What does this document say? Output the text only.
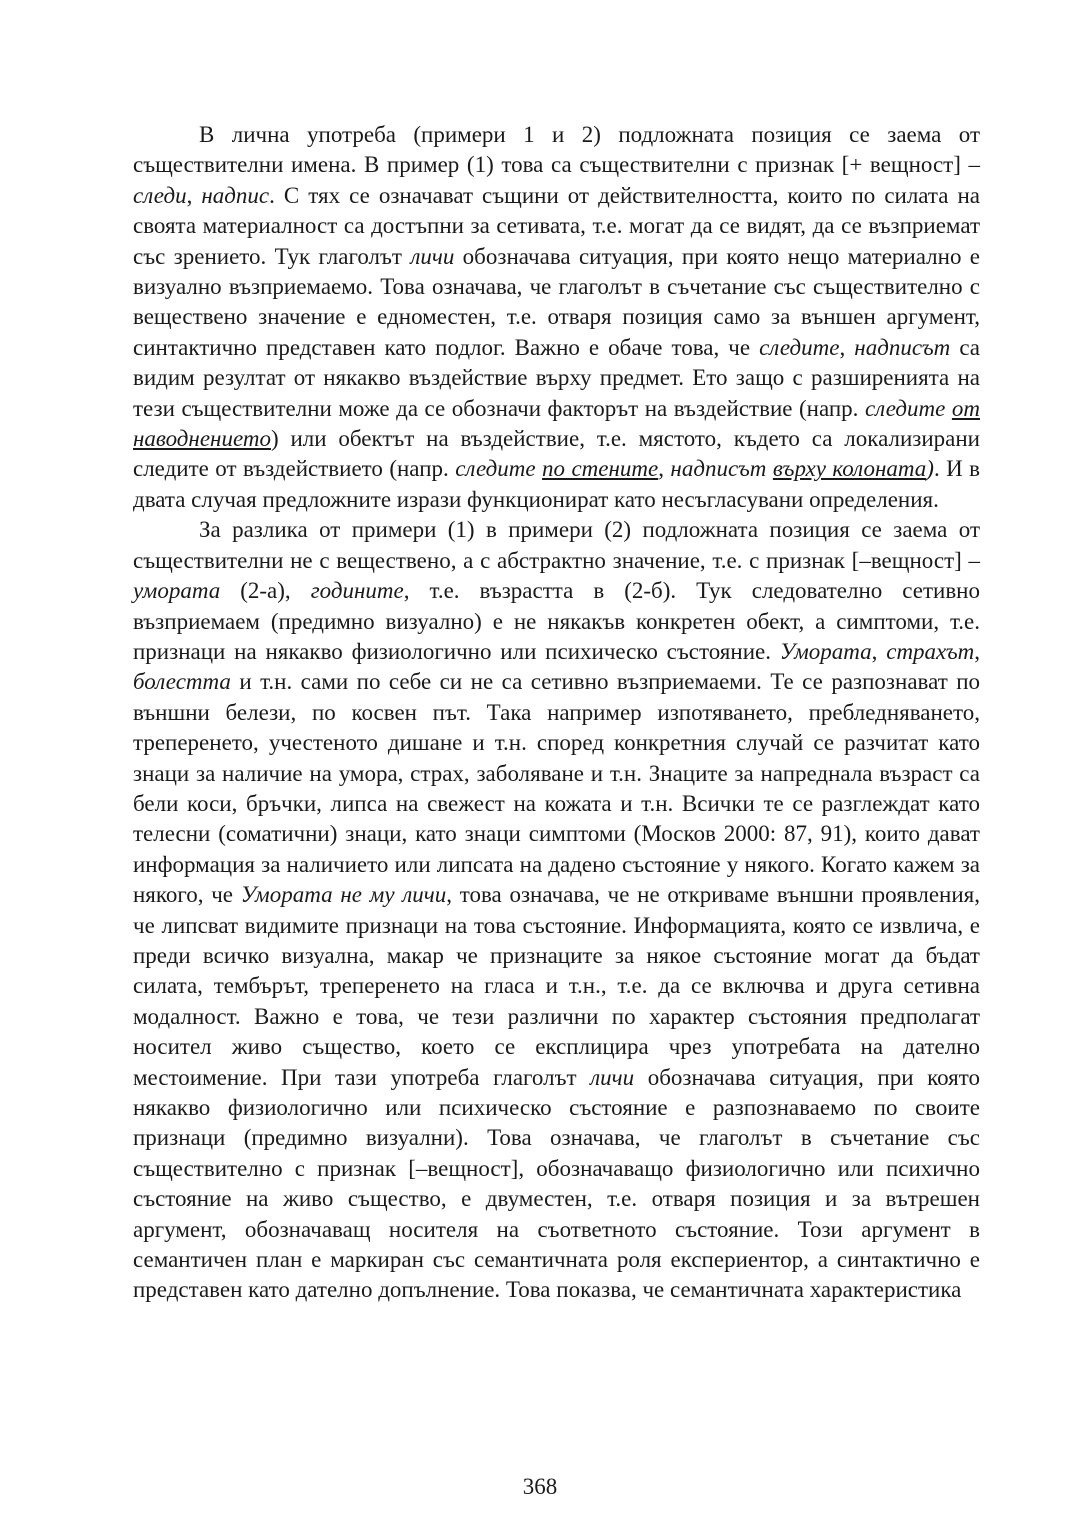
В лична употреба (примери 1 и 2) подложната позиция се заема от съществителни имена. В пример (1) това са съществителни с признак [+ вещност] – следи, надпис. С тях се означават същини от действителността, които по силата на своята материалност са достъпни за сетивата, т.е. могат да се видят, да се възприемат със зрението. Тук глаголът личи обозначава ситуация, при която нещо материално е визуално възприемаемо. Това означава, че глаголът в съчетание със съществително с веществено значение е едноместен, т.е. отваря позиция само за външен аргумент, синтактично представен като подлог. Важно е обаче това, че следите, надписът са видим резултат от някакво въздействие върху предмет. Ето защо с разширенията на тези съществителни може да се обозначи факторът на въздействие (напр. следите от наводнението) или обектът на въздействие, т.е. мястото, където са локализирани следите от въздействието (напр. следите по стените, надписът върху колоната). И в двата случая предложните изрази функционират като несъгласувани определения.

За разлика от примери (1) в примери (2) подложната позиция се заема от съществителни не с веществено, а с абстрактно значение, т.е. с признак [–вещност] – умората (2-а), годините, т.е. възрастта в (2-б). Тук следователно сетивно възприемаем (предимно визуално) е не някакъв конкретен обект, а симптоми, т.е. признаци на някакво физиологично или психическо състояние. Умората, страхът, болестта и т.н. сами по себе си не са сетивно възприемаеми. Те се разпознават по външни белези, по косвен път. Така например изпотяването, пребледняването, треперенето, учестеното дишане и т.н. според конкретния случай се разчитат като знаци за наличие на умора, страх, заболяване и т.н. Знаците за напреднала възраст са бели коси, бръчки, липса на свежест на кожата и т.н. Всички те се разглеждат като телесни (соматични) знаци, като знаци симптоми (Москов 2000: 87, 91), които дават информация за наличието или липсата на дадено състояние у някого. Когато кажем за някого, че Умората не му личи, това означава, че не откриваме външни проявления, че липсват видимите признаци на това състояние. Информацията, която се извлича, е преди всичко визуална, макар че признаците за някое състояние могат да бъдат силата, тембърът, треперенето на гласа и т.н., т.е. да се включва и друга сетивна модалност. Важно е това, че тези различни по характер състояния предполагат носител живо същество, което се експлицира чрез употребата на дателно местоимение. При тази употреба глаголът личи обозначава ситуация, при която някакво физиологично или психическо състояние е разпознаваемо по своите признаци (предимно визуални). Това означава, че глаголът в съчетание със съществително с признак [–вещност], обозначаващо физиологично или психично състояние на живо същество, е двуместен, т.е. отваря позиция и за вътрешен аргумент, обозначаващ носителя на съответното състояние. Този аргумент в семантичен план е маркиран със семантичната роля експериентор, а синтактично е представен като дателно допълнение. Това показва, че семантичната характеристика

368
